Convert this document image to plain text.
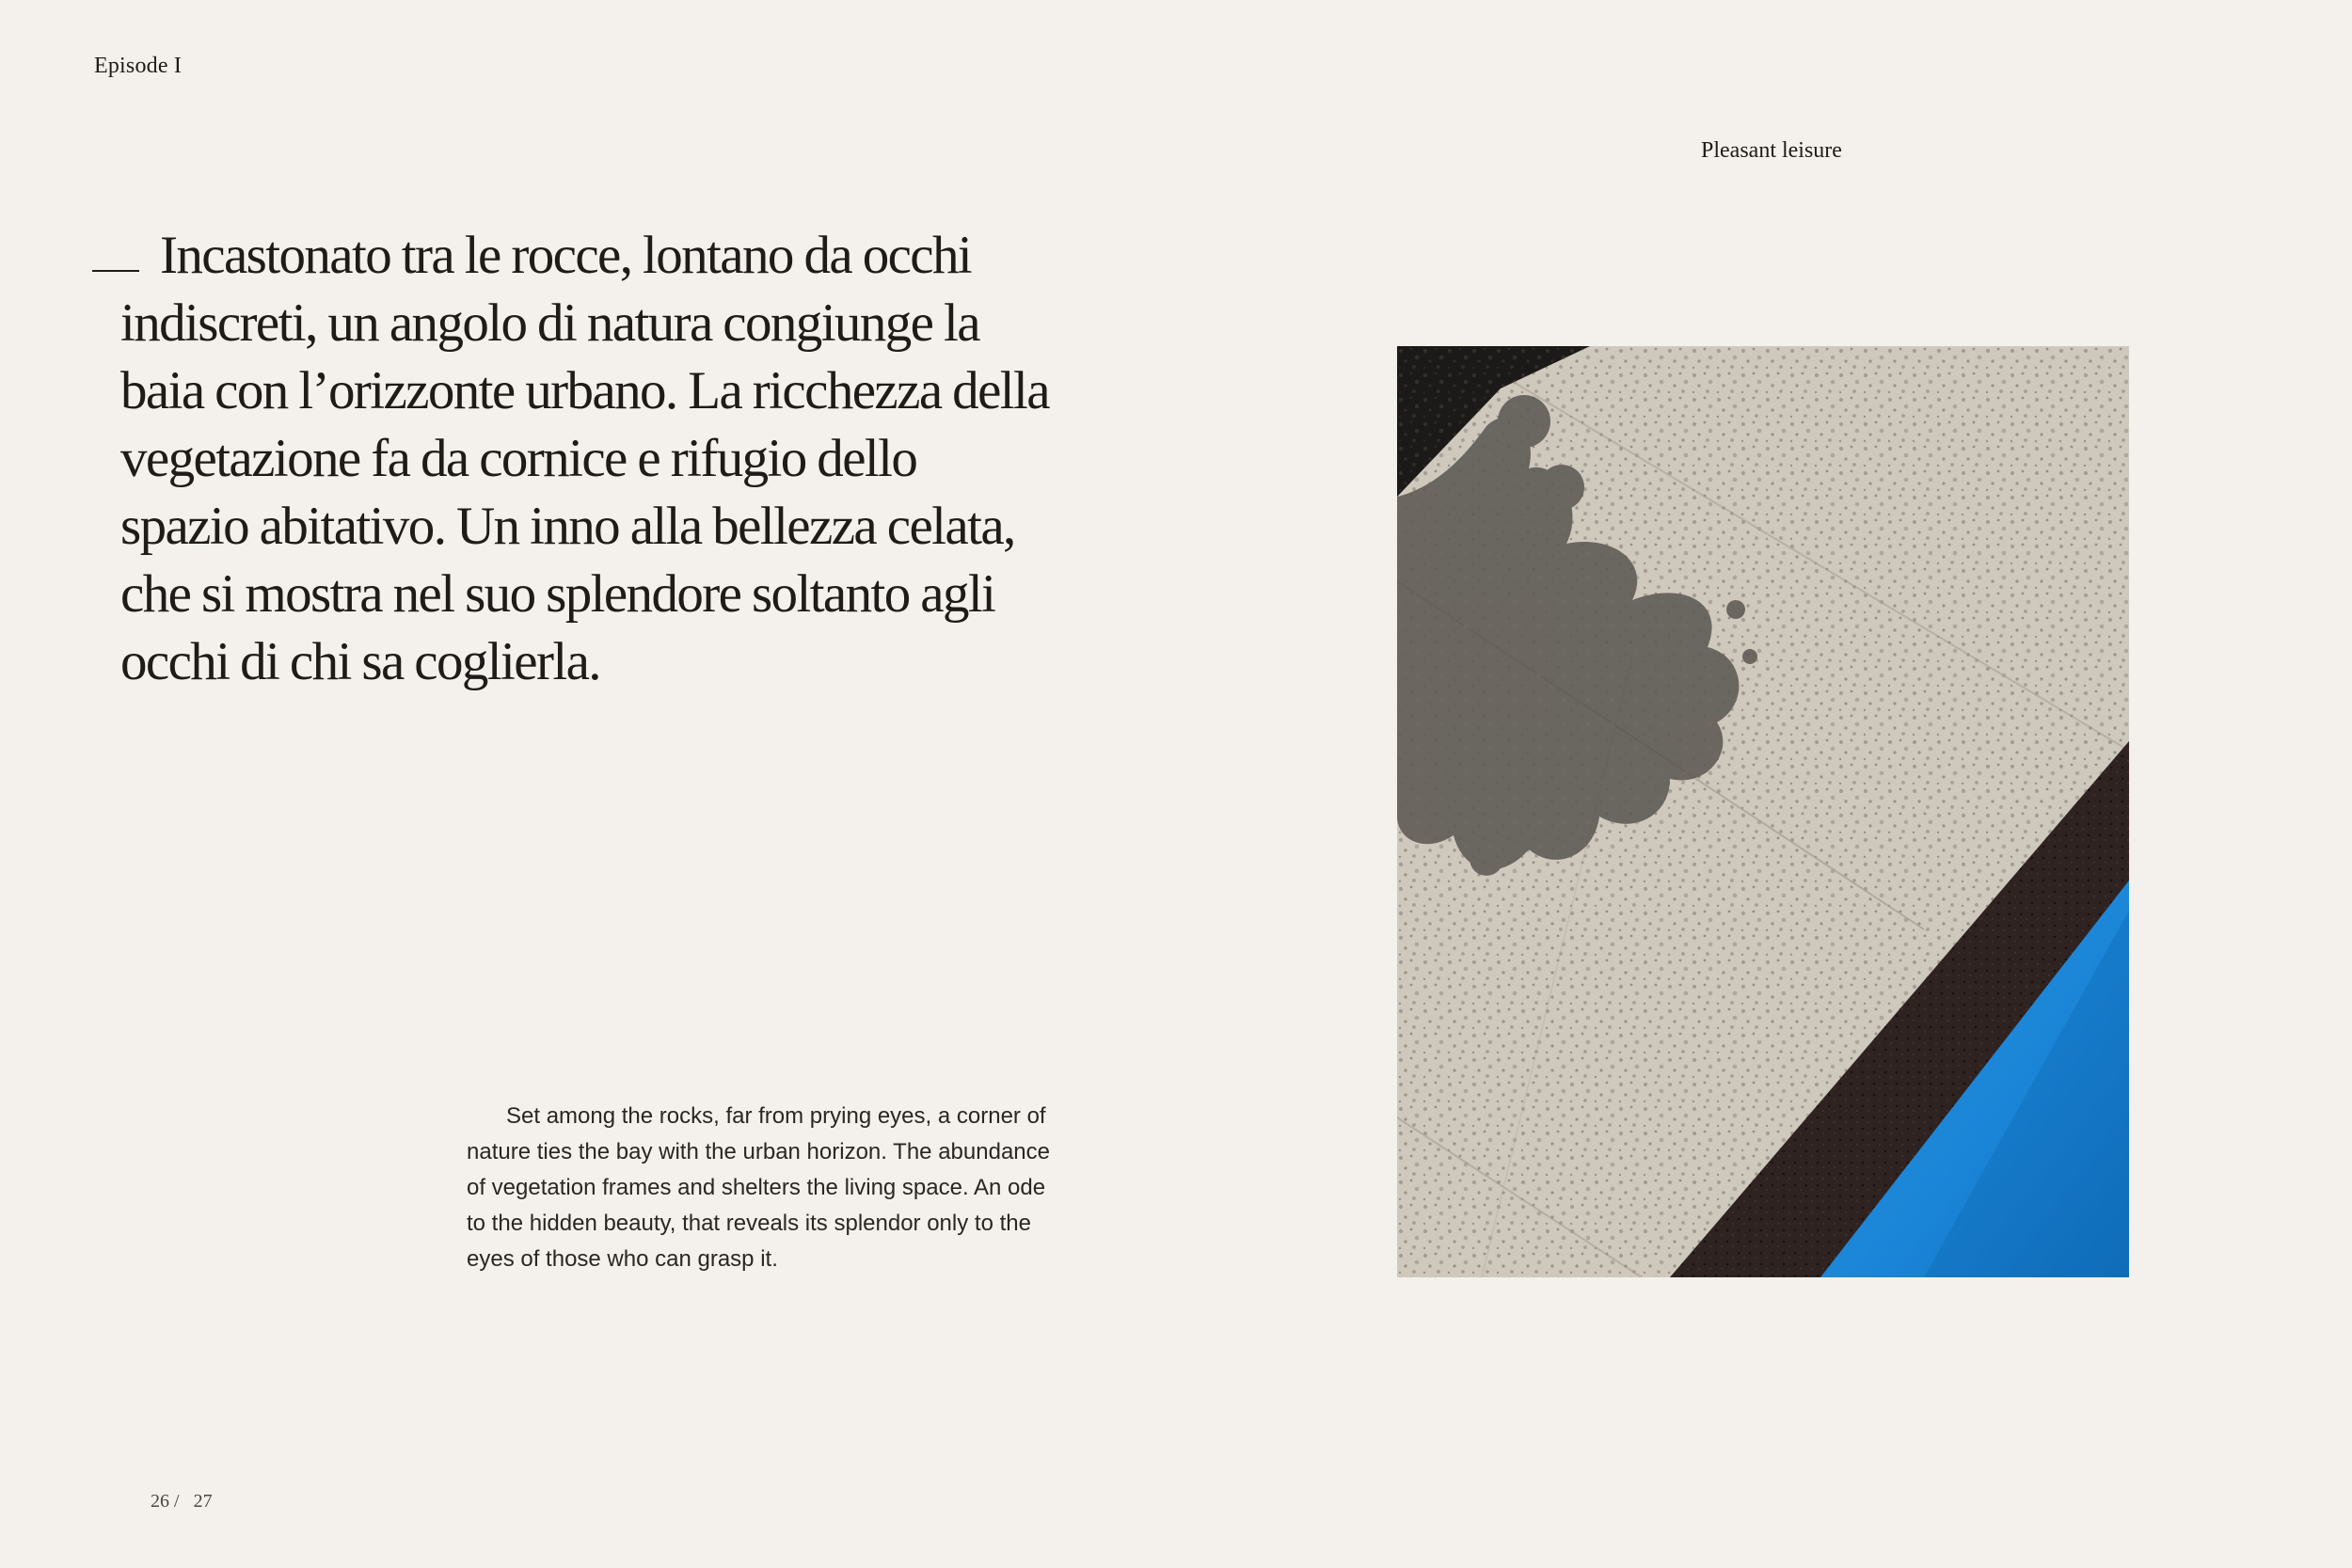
Episode I
Pleasant leisure

Incastonato tra le rocce, lontano da occhi indiscreti, un angolo di natura congiunge la baia con l’orizzonte urbano. La ricchezza della vegetazione fa da cornice e rifugio dello spazio abitativo. Un inno alla bellezza celata, che si mostra nel suo splendore soltanto agli occhi di chi sa coglierla.

Set among the rocks, far from prying eyes, a corner of nature ties the bay with the urban horizon. The abundance of vegetation frames and shelters the living space. An ode to the hidden beauty, that reveals its splendor only to the eyes of those who can grasp it.

26 /   27
